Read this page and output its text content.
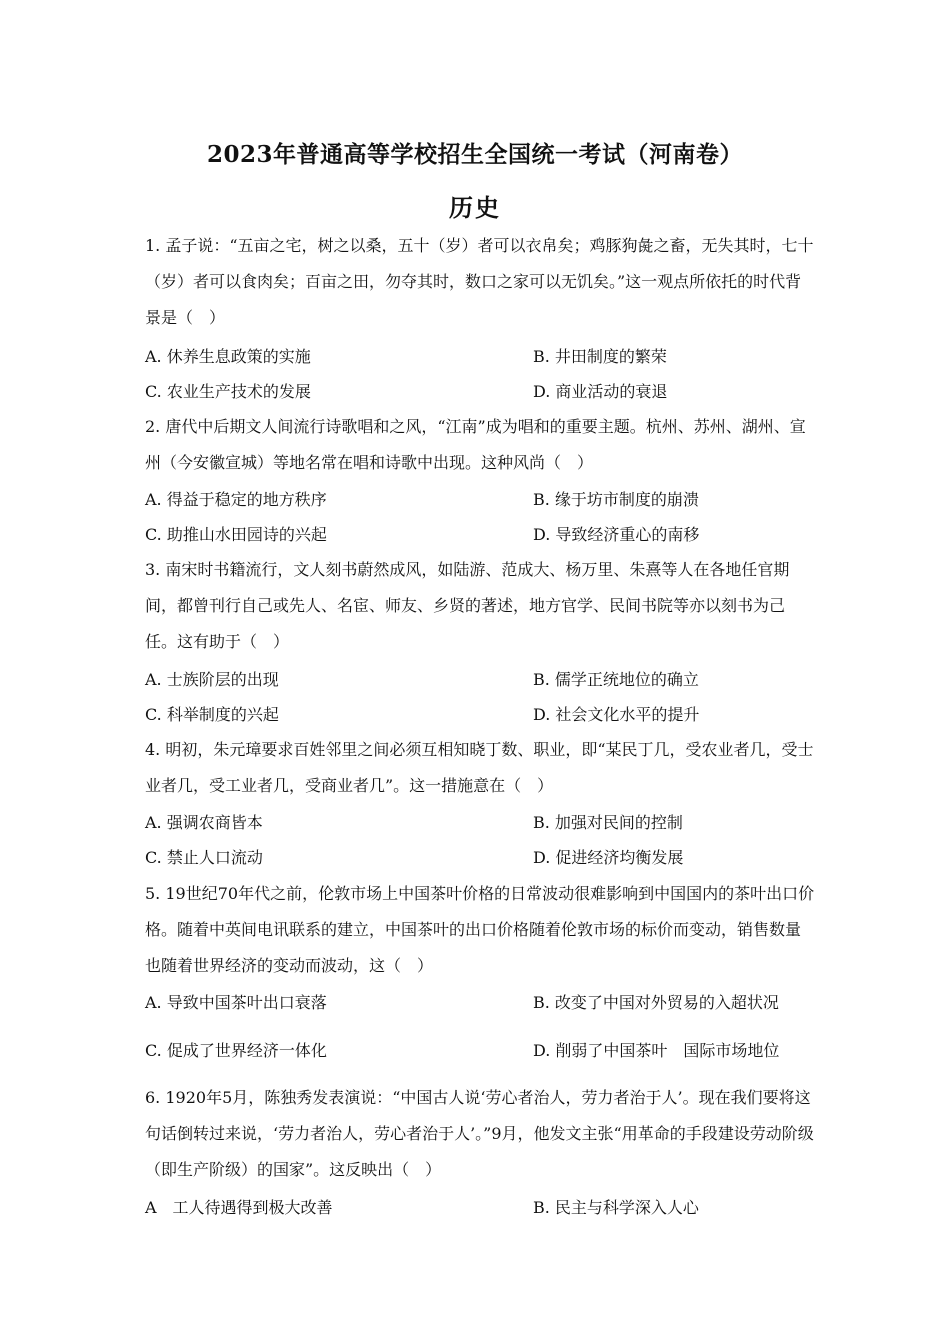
2023年普通高等学校招生全国统一考试（河南卷）
历史
1. 孟子说：“五亩之宅，树之以桑，五十（岁）者可以衣帛矣；鸡豚狗彘之畜，无失其时，七十（岁）者可以食肉矣；百亩之田，勿夺其时，数口之家可以无饥矣。”这一观点所依托的时代背景是（　）
A. 休养生息政策的实施	B. 井田制度的繁荣
C. 农业生产技术的发展	D. 商业活动的衰退
2. 唐代中后期文人间流行诗歌唱和之风，“江南”成为唱和的重要主题。杭州、苏州、湖州、宣州（今安徽宣城）等地名常在唱和诗歌中出现。这种风尚（　）
A. 得益于稳定的地方秩序	B. 缘于坊市制度的崩溃
C. 助推山水田园诗的兴起	D. 导致经济重心的南移
3. 南宋时书籍流行，文人刻书蔚然成风，如陆游、范成大、杨万里、朱熹等人在各地任官期间，都曾刊行自己或先人、名宦、师友、乡贤的著述，地方官学、民间书院等亦以刻书为己任。这有助于（　）
A. 士族阶层的出现	B. 儒学正统地位的确立
C. 科举制度的兴起	D. 社会文化水平的提升
4. 明初，朱元璋要求百姓邻里之间必须互相知晓丁数、职业，即“某民丁几，受农业者几，受士业者几，受工业者几，受商业者几”。这一措施意在（　）
A. 强调农商皆本	B. 加强对民间的控制
C. 禁止人口流动	D. 促进经济均衡发展
5. 19世纪70年代之前，伦敦市场上中国茶叶价格的日常波动很难影响到中国国内的茶叶出口价格。随着中英间电讯联系的建立，中国茶叶的出口价格随着伦敦市场的标价而变动，销售数量也随着世界经济的变动而波动，这（　）
A. 导致中国茶叶出口衰落	B. 改变了中国对外贸易的入超状况
C. 促成了世界经济一体化	D. 削弱了中国茶叶　国际市场地位
6. 1920年5月，陈独秀发表演说：“中国古人说‘劳心者治人，劳力者治于人’。现在我们要将这句话倒转过来说，‘劳力者治人，劳心者治于人’。”9月，他发文主张“用革命的手段建设劳动阶级（即生产阶级）的国家”。这反映出（　）
A　工人待遇得到极大改善	B. 民主与科学深入人心
